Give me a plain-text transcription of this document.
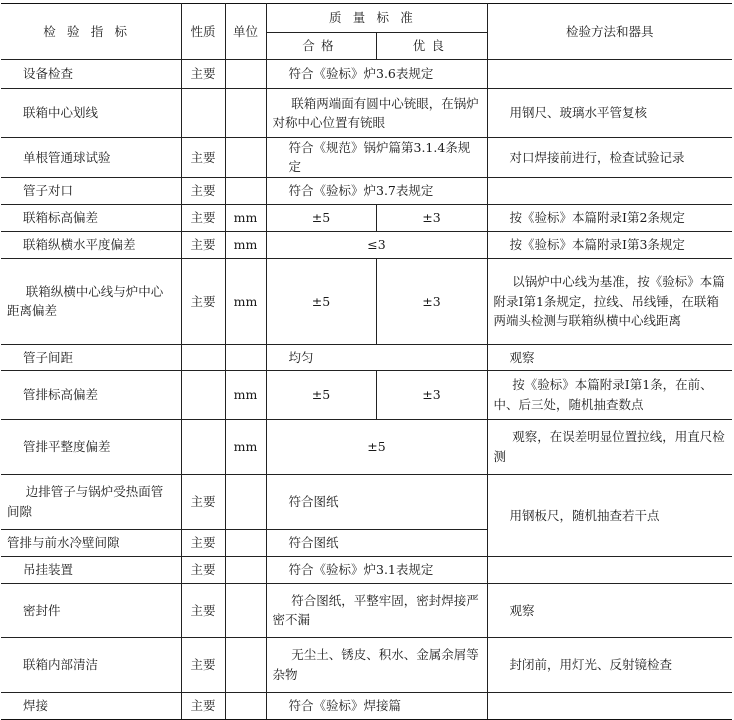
检验指标	性质	单位	质量标准		检验方法和器具
			合格	优良	
设备检查	主要		符合《验标》炉3.6表规定		
联箱中心划线			联箱两端面有圆中心铳眼，在锅炉对称中心位置有铳眼		用钢尺、玻璃水平管复核
单根管通球试验	主要		符合《规范》锅炉篇第3.1.4条规定		对口焊接前进行，检查试验记录
管子对口	主要		符合《验标》炉3.7表规定		
联箱标高偏差	主要	mm	±5	±3	按《验标》本篇附录Ⅰ第2条规定
联箱纵横水平度偏差	主要	mm	≤3		按《验标》本篇附录Ⅰ第3条规定
联箱纵横中心线与炉中心距离偏差	主要	mm	±5	±3	以锅炉中心线为基准，按《验标》本篇附录Ⅰ第1条规定，拉线、吊线锤，在联箱两端头检测与联箱纵横中心线距离
管子间距			均匀		观察
管排标高偏差		mm	±5	±3	按《验标》本篇附录Ⅰ第1条，在前、中、后三处，随机抽查数点
管排平整度偏差		mm	±5		观察，在误差明显位置拉线，用直尺检测
边排管子与锅炉受热面管间隙	主要		符合图纸		用钢板尺，随机抽查若干点
管排与前水冷壁间隙	主要		符合图纸		
吊挂装置	主要		符合《验标》炉3.1表规定		
密封件	主要		符合图纸，平整牢固，密封焊接严密不漏		观察
联箱内部清洁	主要		无尘土、锈皮、积水、金属余屑等杂物		封闭前，用灯光、反射镜检查
焊接	主要		符合《验标》焊接篇		
